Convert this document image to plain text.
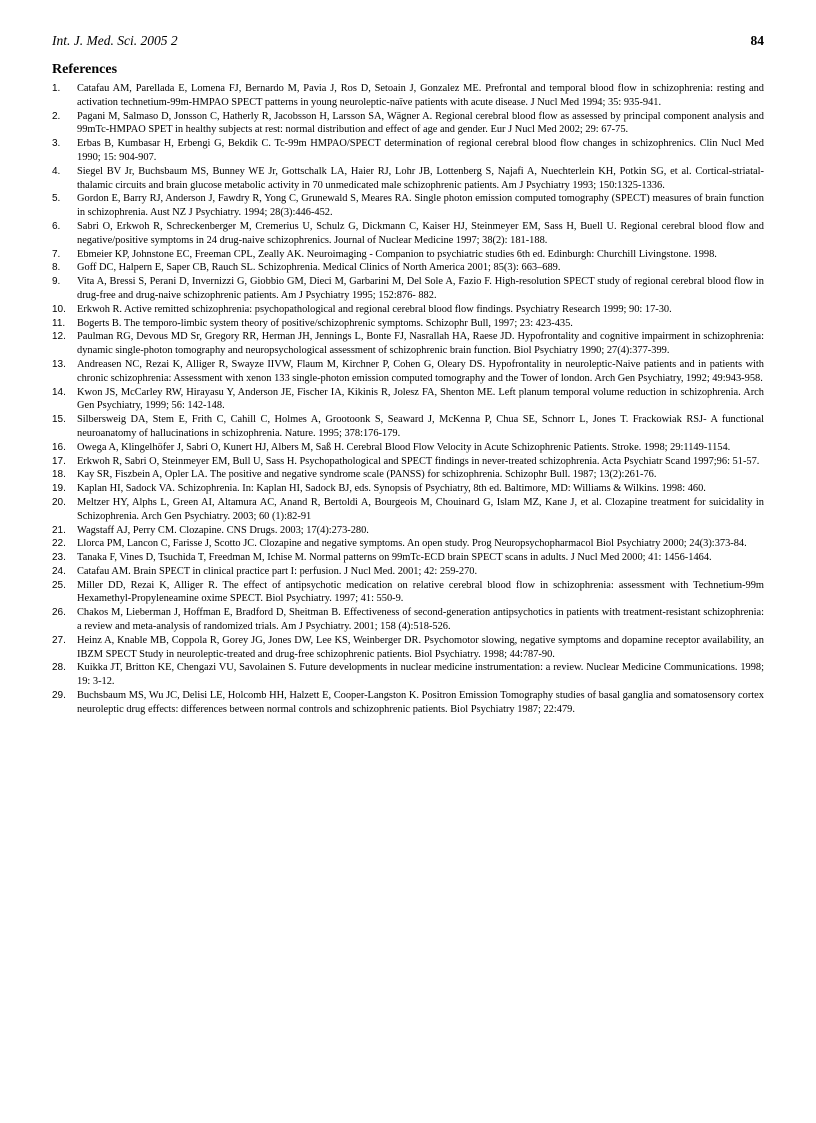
Int. J. Med. Sci. 2005 2	84
References
1. Catafau AM, Parellada E, Lomena FJ, Bernardo M, Pavia J, Ros D, Setoain J, Gonzalez ME. Prefrontal and temporal blood flow in schizophrenia: resting and activation technetium-99m-HMPAO SPECT patterns in young neuroleptic-naïve patients with acute disease. J Nucl Med 1994; 35: 935-941.
2. Pagani M, Salmaso D, Jonsson C, Hatherly R, Jacobsson H, Larsson SA, Wägner A. Regional cerebral blood flow as assessed by principal component analysis and 99mTc-HMPAO SPET in healthy subjects at rest: normal distribution and effect of age and gender. Eur J Nucl Med 2002; 29: 67-75.
3. Erbas B, Kumbasar H, Erbengi G, Bekdik C. Tc-99m HMPAO/SPECT determination of regional cerebral blood flow changes in schizophrenics. Clin Nucl Med 1990; 15: 904-907.
4. Siegel BV Jr, Buchsbaum MS, Bunney WE Jr, Gottschalk LA, Haier RJ, Lohr JB, Lottenberg S, Najafi A, Nuechterlein KH, Potkin SG, et al. Cortical-striatal-thalamic circuits and brain glucose metabolic activity in 70 unmedicated male schizophrenic patients. Am J Psychiatry 1993; 150:1325-1336.
5. Gordon E, Barry RJ, Anderson J, Fawdry R, Yong C, Grunewald S, Meares RA. Single photon emission computed tomography (SPECT) measures of brain function in schizophrenia. Aust NZ J Psychiatry. 1994; 28(3):446-452.
6. Sabri O, Erkwoh R, Schreckenberger M, Cremerius U, Schulz G, Dickmann C, Kaiser HJ, Steinmeyer EM, Sass H, Buell U. Regional cerebral blood flow and negative/positive symptoms in 24 drug-naive schizophrenics. Journal of Nuclear Medicine 1997; 38(2): 181-188.
7. Ebmeier KP, Johnstone EC, Freeman CPL, Zeally AK. Neuroimaging - Companion to psychiatric studies 6th ed. Edinburgh: Churchill Livingstone. 1998.
8. Goff DC, Halpern E, Saper CB, Rauch SL. Schizophrenia. Medical Clinics of North America 2001; 85(3): 663–689.
9. Vita A, Bressi S, Perani D, Invernizzi G, Giobbio GM, Dieci M, Garbarini M, Del Sole A, Fazio F. High-resolution SPECT study of regional cerebral blood flow in drug-free and drug-naive schizophrenic patients. Am J Psychiatry 1995; 152:876- 882.
10. Erkwoh R. Active remitted schizophrenia: psychopathological and regional cerebral blood flow findings. Psychiatry Research 1999; 90: 17-30.
11. Bogerts B. The temporo-limbic system theory of positive/schizophrenic symptoms. Schizophr Bull, 1997; 23: 423-435.
12. Paulman RG, Devous MD Sr, Gregory RR, Herman JH, Jennings L, Bonte FJ, Nasrallah HA, Raese JD. Hypofrontality and cognitive impairment in schizophrenia: dynamic single-photon tomography and neuropsychological assessment of schizophrenic brain function. Biol Psychiatry 1990; 27(4):377-399.
13. Andreasen NC, Rezai K, Alliger R, Swayze IIVW, Flaum M, Kirchner P, Cohen G, Oleary DS. Hypofrontality in neuroleptic-Naive patients and in patients with chronic schizophrenia: Assessment with xenon 133 single-photon emission computed tomography and the Tower of london. Arch Gen Psychiatry, 1992; 49:943-958.
14. Kwon JS, McCarley RW, Hirayasu Y, Anderson JE, Fischer IA, Kikinis R, Jolesz FA, Shenton ME. Left planum temporal volume reduction in schizophrenia. Arch Gen Psychiatry, 1999; 56: 142-148.
15. Silbersweig DA, Stem E, Frith C, Cahill C, Holmes A, Grootoonk S, Seaward J, McKenna P, Chua SE, Schnorr L, Jones T. Frackowiak RSJ- A functional neuroanatomy of hallucinations in schizophrenia. Nature. 1995; 378:176-179.
16. Owega A, Klingelhöfer J, Sabri O, Kunert HJ, Albers M, Saß H. Cerebral Blood Flow Velocity in Acute Schizophrenic Patients. Stroke. 1998; 29:1149-1154.
17. Erkwoh R, Sabri O, Steinmeyer EM, Bull U, Sass H. Psychopathological and SPECT findings in never-treated schizophrenia. Acta Psychiatr Scand 1997;96: 51-57.
18. Kay SR, Fiszbein A, Opler LA. The positive and negative syndrome scale (PANSS) for schizophrenia. Schizophr Bull. 1987; 13(2):261-76.
19. Kaplan HI, Sadock VA. Schizophrenia. In: Kaplan HI, Sadock BJ, eds. Synopsis of Psychiatry, 8th ed. Baltimore, MD: Williams & Wilkins. 1998: 460.
20. Meltzer HY, Alphs L, Green AI, Altamura AC, Anand R, Bertoldi A, Bourgeois M, Chouinard G, Islam MZ, Kane J, et al. Clozapine treatment for suicidality in Schizophrenia. Arch Gen Psychiatry. 2003; 60 (1):82-91
21. Wagstaff AJ, Perry CM. Clozapine. CNS Drugs. 2003; 17(4):273-280.
22. Llorca PM, Lancon C, Farisse J, Scotto JC. Clozapine and negative symptoms. An open study. Prog Neuropsychopharmacol Biol Psychiatry 2000; 24(3):373-84.
23. Tanaka F, Vines D, Tsuchida T, Freedman M, Ichise M. Normal patterns on 99mTc-ECD brain SPECT scans in adults. J Nucl Med 2000; 41: 1456-1464.
24. Catafau AM. Brain SPECT in clinical practice part I: perfusion. J Nucl Med. 2001; 42: 259-270.
25. Miller DD, Rezai K, Alliger R. The effect of antipsychotic medication on relative cerebral blood flow in schizophrenia: assessment with Technetium-99m Hexamethyl-Propyleneamine oxime SPECT. Biol Psychiatry. 1997; 41: 550-9.
26. Chakos M, Lieberman J, Hoffman E, Bradford D, Sheitman B. Effectiveness of second-generation antipsychotics in patients with treatment-resistant schizophrenia: a review and meta-analysis of randomized trials. Am J Psychiatry. 2001; 158 (4):518-526.
27. Heinz A, Knable MB, Coppola R, Gorey JG, Jones DW, Lee KS, Weinberger DR. Psychomotor slowing, negative symptoms and dopamine receptor availability, an IBZM SPECT Study in neuroleptic-treated and drug-free schizophrenic patients. Biol Psychiatry. 1998; 44:787-90.
28. Kuikka JT, Britton KE, Chengazi VU, Savolainen S. Future developments in nuclear medicine instrumentation: a review. Nuclear Medicine Communications. 1998; 19: 3-12.
29. Buchsbaum MS, Wu JC, Delisi LE, Holcomb HH, Halzett E, Cooper-Langston K. Positron Emission Tomography studies of basal ganglia and somatosensory cortex neuroleptic drug effects: differences between normal controls and schizophrenic patients. Biol Psychiatry 1987; 22:479.
